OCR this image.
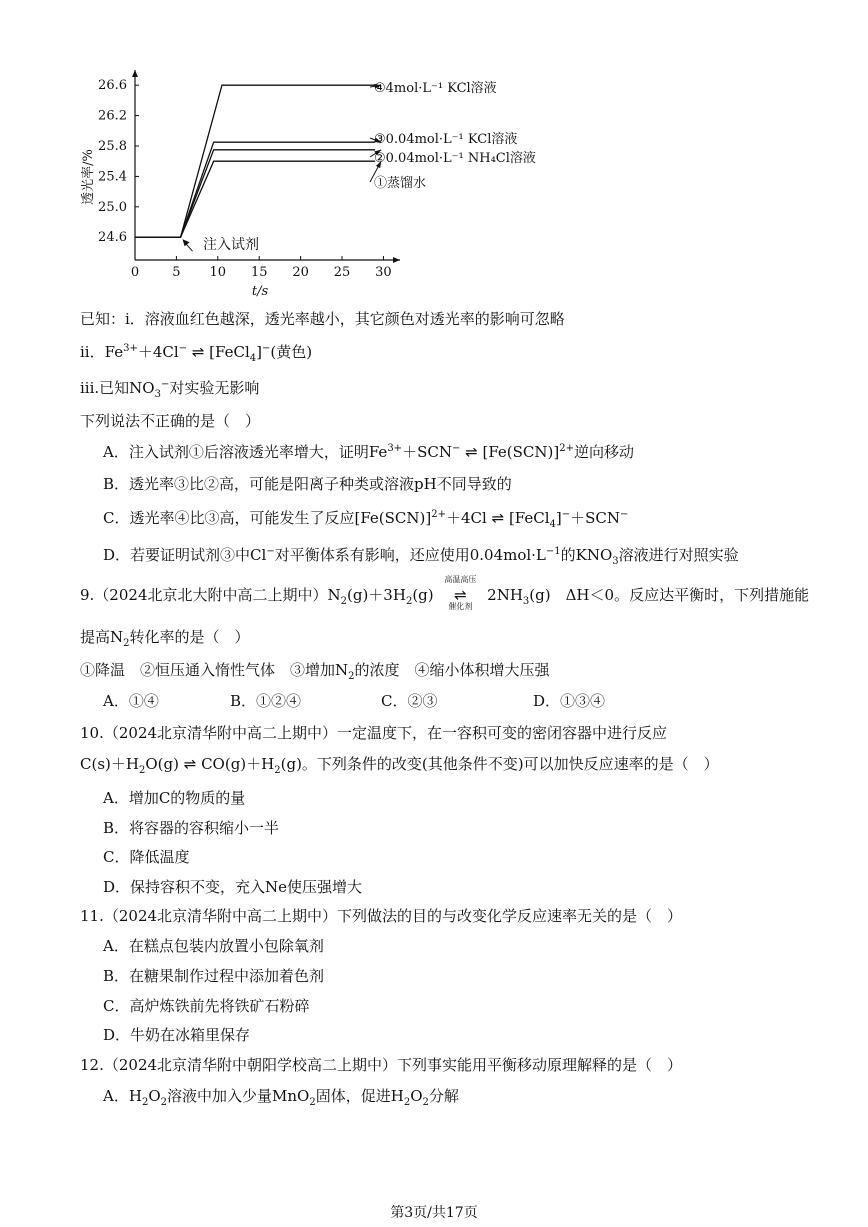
0	5 10 15 20 25 30
24.6
25.0
25.4
25.8
26.2
26.6
透光率/%
t/s
注入试剂
④4mol·L⁻¹ KCl溶液
③0.04mol·L⁻¹ KCl溶液
②0.04mol·L⁻¹ NH₄Cl溶液
①蒸馏水
已知：i．溶液血红色越深，透光率越小，其它颜色对透光率的影响可忽略
ii．$Fe^{3+}+4Cl^-$ ⇌ [FeCl$_4$]−(黄色)
iii.已知$NO_3^-$对实验无影响
下列说法不正确的是（　）
A．注入试剂①后溶液透光率增大，证明$Fe^{3+}+SCN^-$ ⇌ $[Fe(SCN)]^{2+}$逆向移动
B．透光率③比②高，可能是阳离子种类或溶液pH不同导致的
C．透光率④比③高，可能发生了反应$[Fe(SCN)]^{2+}+4Cl$ ⇌ [FeCl$_4$]−＋SCN−
D．若要证明试剂③中Cl−对平衡体系有影响，还应使用$0.04mol\cdot L^{-1}$的$KNO_3$溶液进行对照实验
9.（2024北京北大附中高二上期中）$N_2(g)+3H_2(g)$
高温高压
⇌
催化剂
$2NH_3(g)$　ΔH＜0。反应达平衡时，下列措施能
提高$N_2$转化率的是（　）
①降温　②恒压通入惰性气体　③增加$N_2$的浓度　④缩小体积增大压强
A．①④	B．①②④	C．②③	D．①③④
10.（2024北京清华附中高二上期中）一定温度下，在一容积可变的密闭容器中进行反应
$C(s)+H_2O(g)$ ⇌ $CO(g)+H_2(g)$。下列条件的改变(其他条件不变)可以加快反应速率的是（　）
A．增加C的物质的量
B．将容器的容积缩小一半
C．降低温度
D．保持容积不变，充入Ne使压强增大
11.（2024北京清华附中高二上期中）下列做法的目的与改变化学反应速率无关的是（　）
A．在糕点包装内放置小包除氧剂
B．在糖果制作过程中添加着色剂
C．高炉炼铁前先将铁矿石粉碎
D．牛奶在冰箱里保存
12.（2024北京清华附中朝阳学校高二上期中）下列事实能用平衡移动原理解释的是（　）
A．$H_2O_2$溶液中加入少量MnO$_2$固体，促进$H_2O_2$分解
第3页/共17页
